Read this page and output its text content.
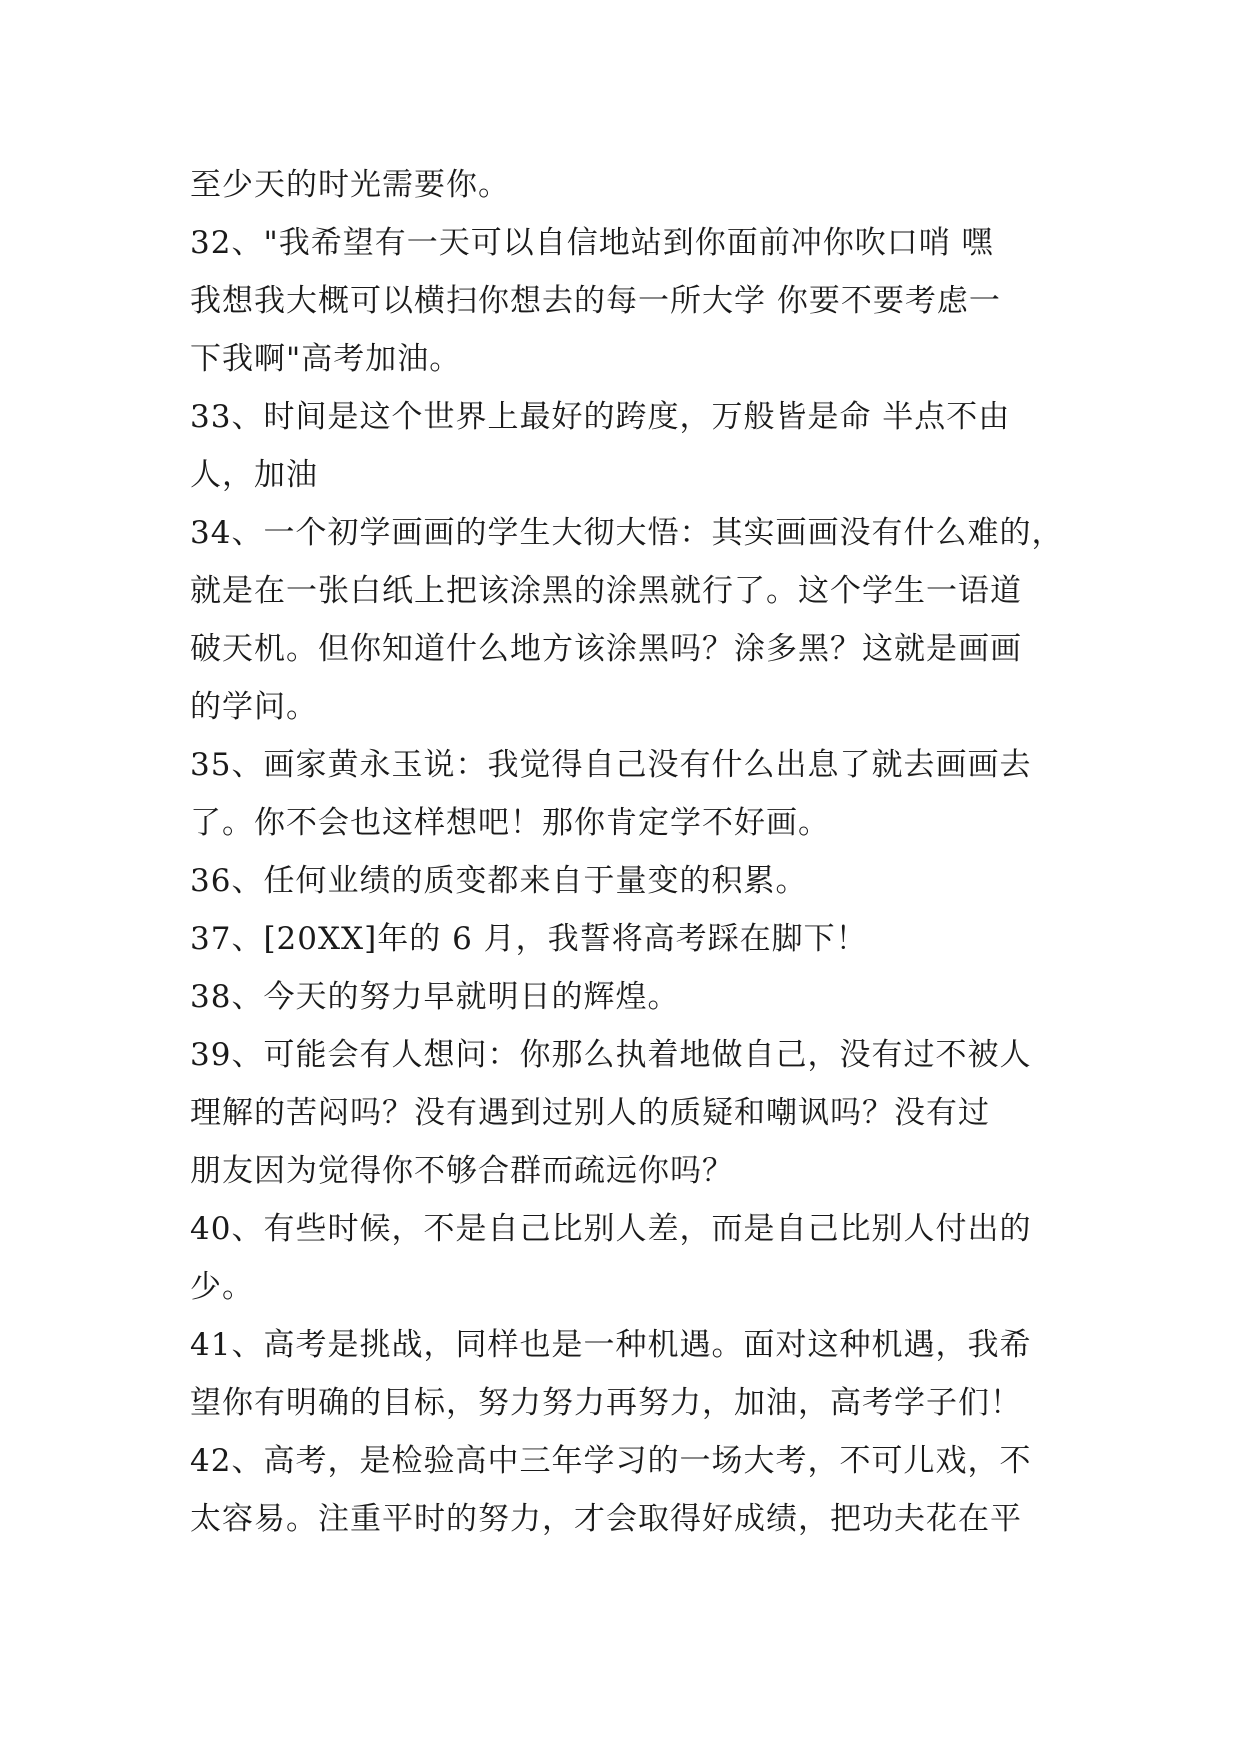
至少天的时光需要你。
32、"我希望有一天可以自信地站到你面前冲你吹口哨 嘿
我想我大概可以横扫你想去的每一所大学 你要不要考虑一
下我啊"高考加油。
33、时间是这个世界上最好的跨度，万般皆是命 半点不由
人，加油
34、一个初学画画的学生大彻大悟：其实画画没有什么难的，
就是在一张白纸上把该涂黑的涂黑就行了。这个学生一语道
破天机。但你知道什么地方该涂黑吗？涂多黑？这就是画画
的学问。
35、画家黄永玉说：我觉得自己没有什么出息了就去画画去
了。你不会也这样想吧！那你肯定学不好画。
36、任何业绩的质变都来自于量变的积累。
37、[20XX]年的 6 月，我誓将高考踩在脚下！
38、今天的努力早就明日的辉煌。
39、可能会有人想问：你那么执着地做自己，没有过不被人
理解的苦闷吗？没有遇到过别人的质疑和嘲讽吗？没有过
朋友因为觉得你不够合群而疏远你吗？
40、有些时候，不是自己比别人差，而是自己比别人付出的
少。
41、高考是挑战，同样也是一种机遇。面对这种机遇，我希
望你有明确的目标，努力努力再努力，加油，高考学子们！
42、高考，是检验高中三年学习的一场大考，不可儿戏，不
太容易。注重平时的努力，才会取得好成绩，把功夫花在平
